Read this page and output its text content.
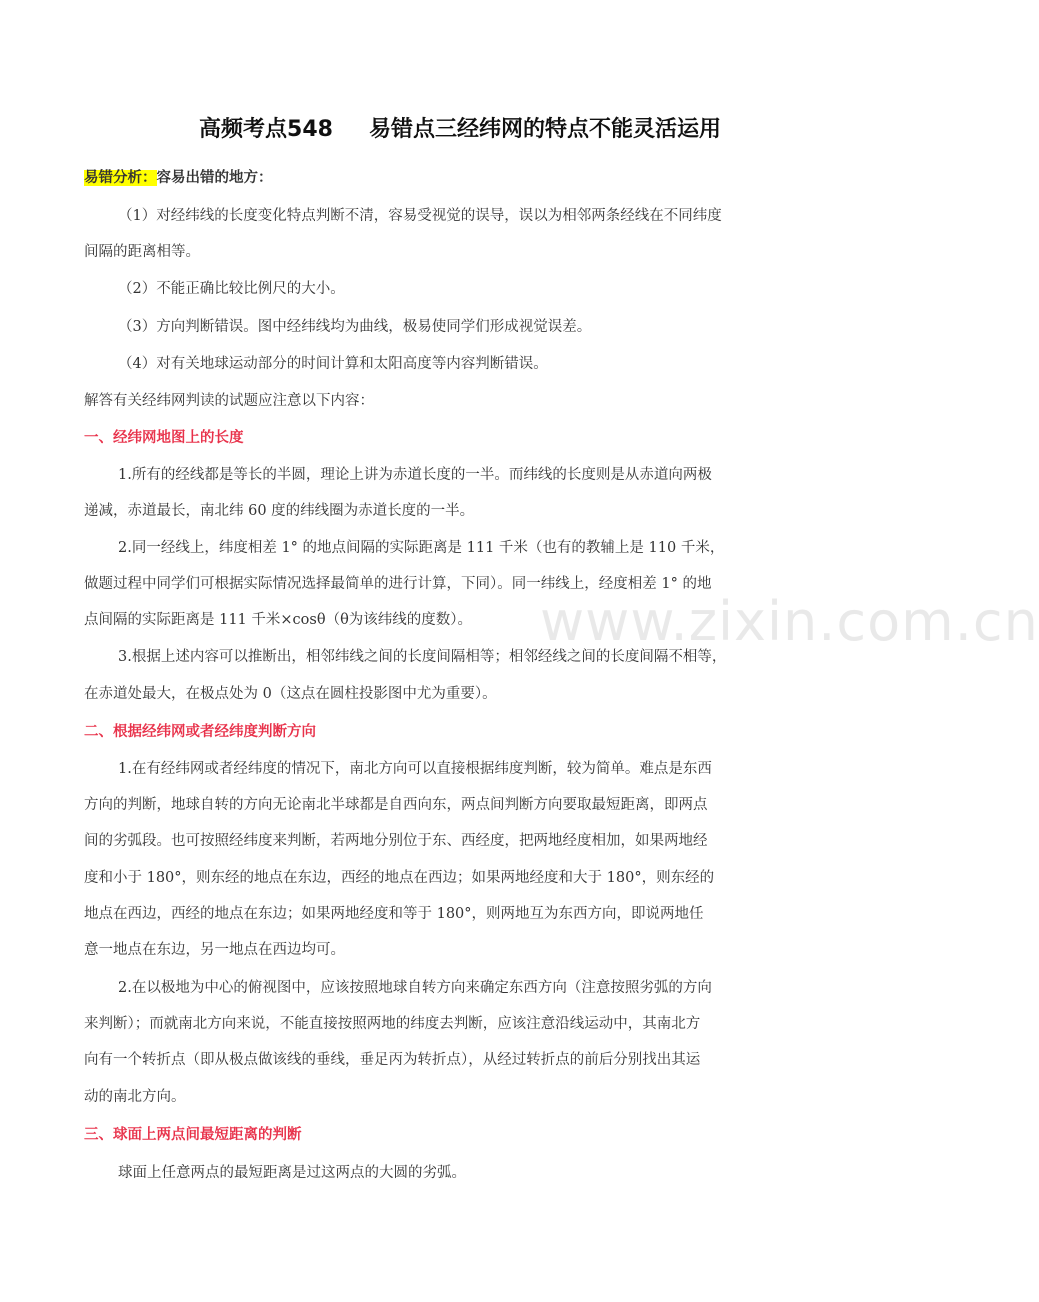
高频考点548 易错点三经纬网的特点不能灵活运用
易错分析：容易出错的地方：
（1）对经纬线的长度变化特点判断不清，容易受视觉的误导，误以为相邻两条经线在不同纬度
间隔的距离相等。
（2）不能正确比较比例尺的大小。
（3）方向判断错误。图中经纬线均为曲线，极易使同学们形成视觉误差。
（4）对有关地球运动部分的时间计算和太阳高度等内容判断错误。
解答有关经纬网判读的试题应注意以下内容：
一、经纬网地图上的长度
1.所有的经线都是等长的半圆，理论上讲为赤道长度的一半。而纬线的长度则是从赤道向两极
递减，赤道最长，南北纬 60 度的纬线圈为赤道长度的一半。
2.同一经线上，纬度相差 1° 的地点间隔的实际距离是 111 千米（也有的教辅上是 110 千米，
做题过程中同学们可根据实际情况选择最简单的进行计算，下同）。同一纬线上，经度相差 1° 的地
点间隔的实际距离是 111 千米×cosθ（θ为该纬线的度数）。
3.根据上述内容可以推断出，相邻纬线之间的长度间隔相等；相邻经线之间的长度间隔不相等，
在赤道处最大，在极点处为 0（这点在圆柱投影图中尤为重要）。
二、根据经纬网或者经纬度判断方向
1.在有经纬网或者经纬度的情况下，南北方向可以直接根据纬度判断，较为简单。难点是东西
方向的判断，地球自转的方向无论南北半球都是自西向东，两点间判断方向要取最短距离，即两点
间的劣弧段。也可按照经纬度来判断，若两地分别位于东、西经度，把两地经度相加，如果两地经
度和小于 180°，则东经的地点在东边，西经的地点在西边；如果两地经度和大于 180°，则东经的
地点在西边，西经的地点在东边；如果两地经度和等于 180°，则两地互为东西方向，即说两地任
意一地点在东边，另一地点在西边均可。
2.在以极地为中心的俯视图中，应该按照地球自转方向来确定东西方向（注意按照劣弧的方向
来判断）；而就南北方向来说，不能直接按照两地的纬度去判断，应该注意沿线运动中，其南北方
向有一个转折点（即从极点做该线的垂线，垂足丙为转折点），从经过转折点的前后分别找出其运
动的南北方向。
三、球面上两点间最短距离的判断
球面上任意两点的最短距离是过这两点的大圆的劣弧。
www.zixin.com.cn
